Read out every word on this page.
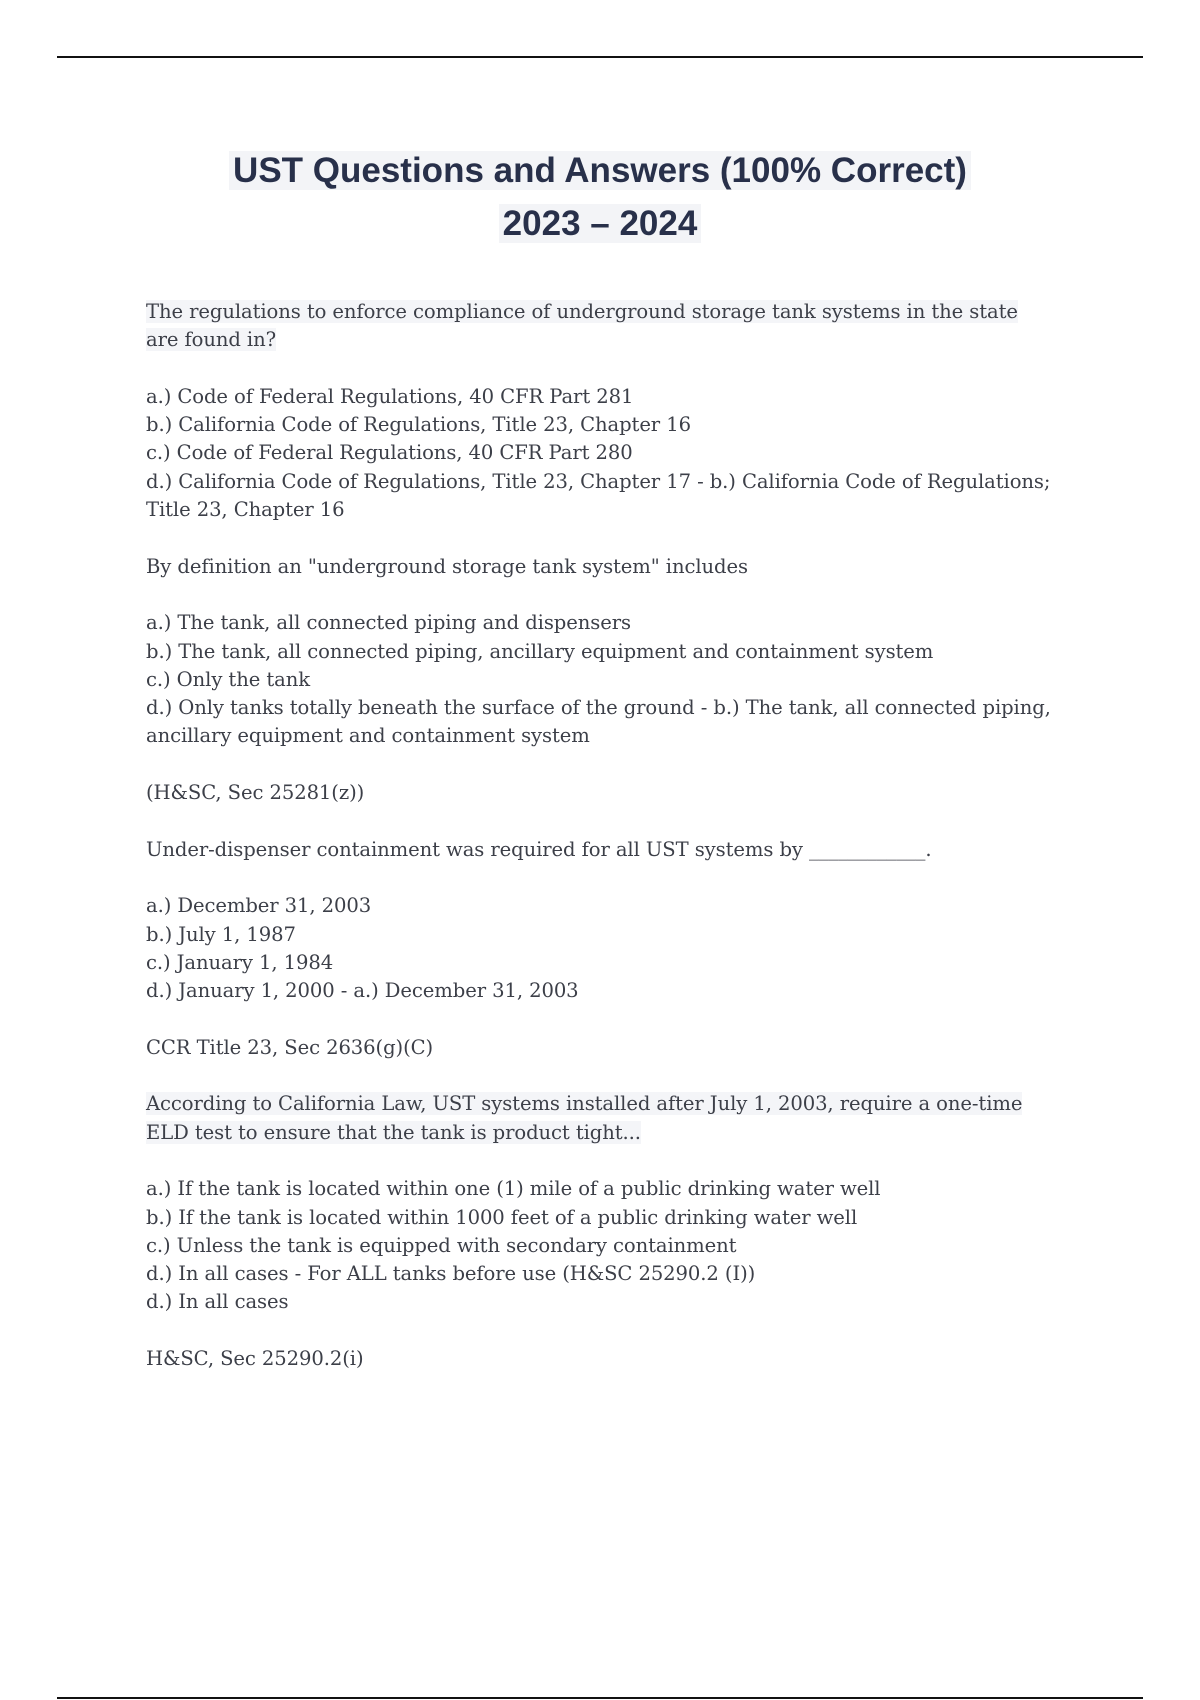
UST Questions and Answers (100% Correct)
2023 – 2024
The regulations to enforce compliance of underground storage tank systems in the state
are found in?
a.) Code of Federal Regulations, 40 CFR Part 281
b.) California Code of Regulations, Title 23, Chapter 16
c.) Code of Federal Regulations, 40 CFR Part 280
d.) California Code of Regulations, Title 23, Chapter 17 - b.) California Code of Regulations;
Title 23, Chapter 16
By definition an "underground storage tank system" includes
a.) The tank, all connected piping and dispensers
b.) The tank, all connected piping, ancillary equipment and containment system
c.) Only the tank
d.) Only tanks totally beneath the surface of the ground - b.) The tank, all connected piping,
ancillary equipment and containment system
(H&SC, Sec 25281(z))
Under-dispenser containment was required for all UST systems by ____________.
a.) December 31, 2003
b.) July 1, 1987
c.) January 1, 1984
d.) January 1, 2000 - a.) December 31, 2003
CCR Title 23, Sec 2636(g)(C)
According to California Law, UST systems installed after July 1, 2003, require a one-time
ELD test to ensure that the tank is product tight...
a.) If the tank is located within one (1) mile of a public drinking water well
b.) If the tank is located within 1000 feet of a public drinking water well
c.) Unless the tank is equipped with secondary containment
d.) In all cases - For ALL tanks before use (H&SC 25290.2 (I))
d.) In all cases
H&SC, Sec 25290.2(i)
